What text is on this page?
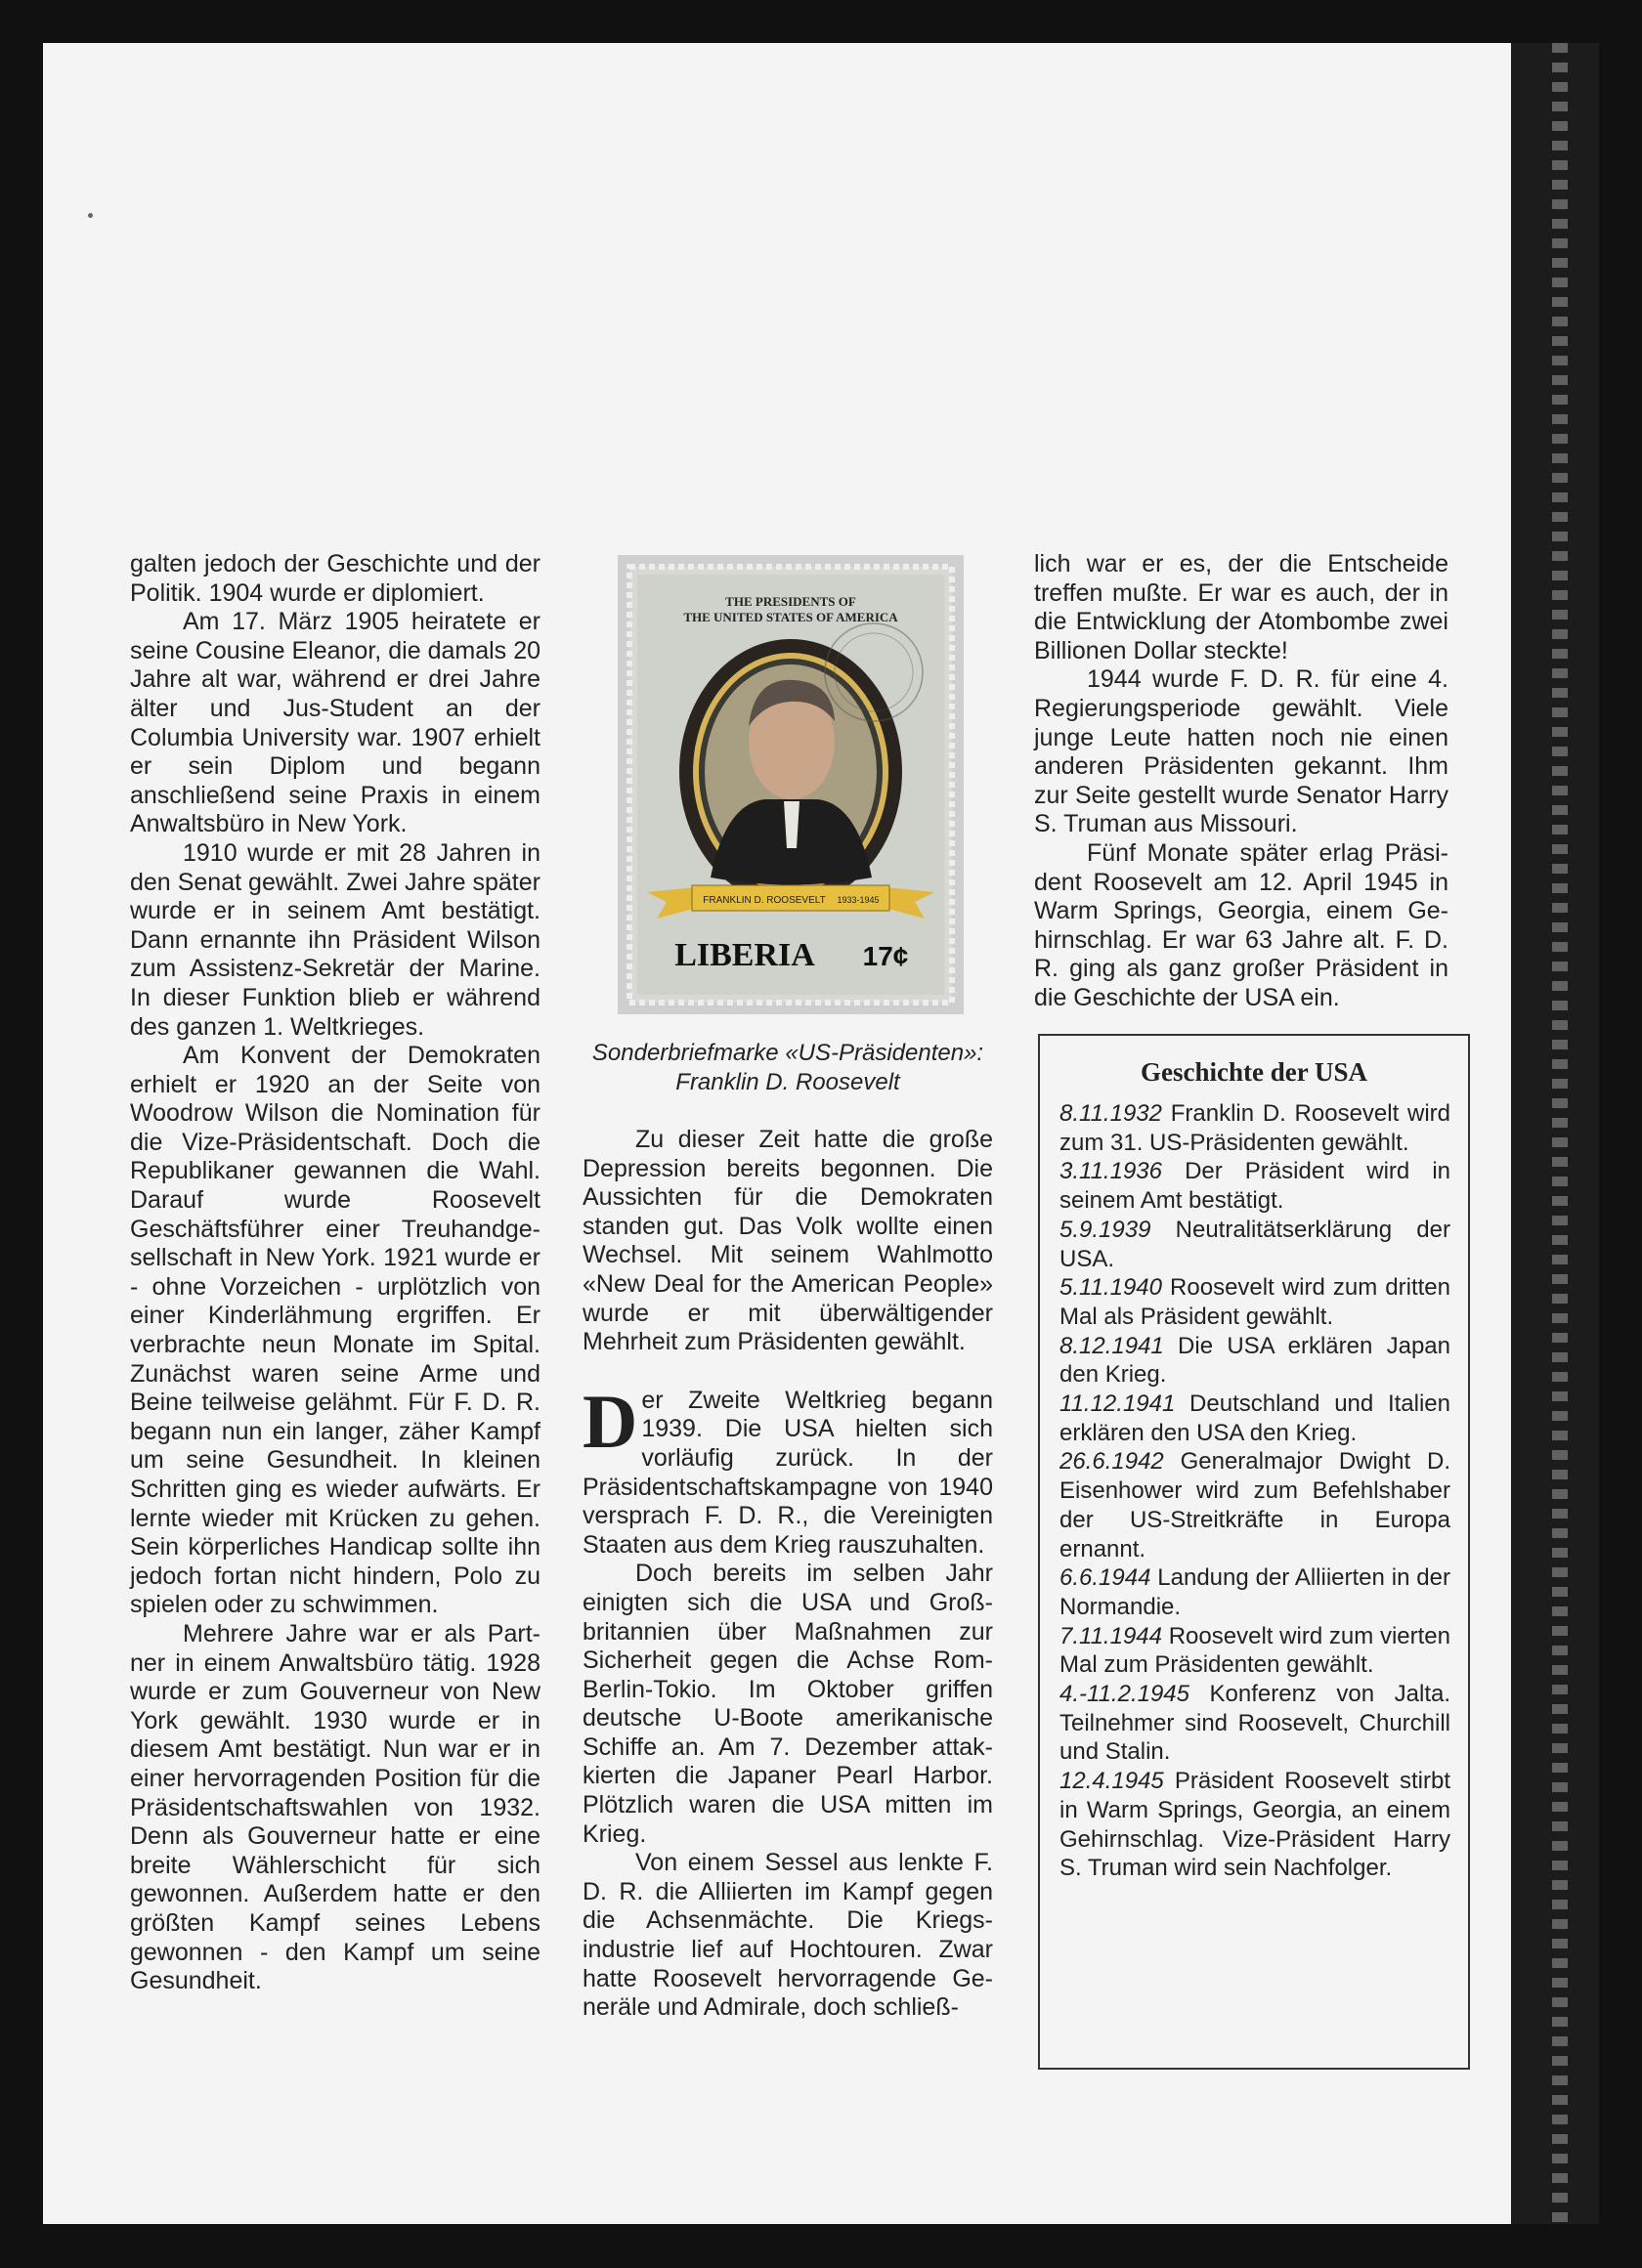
galten jedoch der Geschichte und der Politik. 1904 wurde er diplomiert.

Am 17. März 1905 heiratete er seine Cousine Eleanor, die damals 20 Jahre alt war, während er drei Jahre älter und Jus-Student an der Columbia University war. 1907 erhielt er sein Diplom und begann anschließend seine Praxis in einem Anwaltsbüro in New York.

1910 wurde er mit 28 Jahren in den Senat gewählt. Zwei Jahre später wurde er in seinem Amt bestätigt. Dann ernannte ihn Präsident Wilson zum Assistenz-Sekretär der Marine. In dieser Funktion blieb er während des ganzen 1. Weltkrieges.

Am Konvent der Demokraten erhielt er 1920 an der Seite von Woodrow Wilson die Nomination für die Vize-Präsidentschaft. Doch die Republikaner gewannen die Wahl. Darauf wurde Roosevelt Geschäftsführer einer Treuhandgesellschaft in New York. 1921 wurde er - ohne Vorzeichen - urplötzlich von einer Kinderlähmung ergriffen. Er verbrachte neun Monate im Spital. Zunächst waren seine Arme und Beine teilweise gelähmt. Für F. D. R. begann nun ein langer, zäher Kampf um seine Gesundheit. In kleinen Schritten ging es wieder aufwärts. Er lernte wieder mit Krücken zu gehen. Sein körperliches Handicap sollte ihn jedoch fortan nicht hindern, Polo zu spielen oder zu schwimmen.

Mehrere Jahre war er als Partner in einem Anwaltsbüro tätig. 1928 wurde er zum Gouverneur von New York gewählt. 1930 wurde er in diesem Amt bestätigt. Nun war er in einer hervorragenden Position für die Präsidentschaftswahlen von 1932. Denn als Gouverneur hatte er eine breite Wählerschicht für sich gewonnen. Außerdem hatte er den größten Kampf seines Lebens gewonnen - den Kampf um seine Gesundheit.

THE PRESIDENTS OF
THE UNITED STATES OF AMERICA
FRANKLIN D. ROOSEVELT 1933-1945
LIBERIA 17¢
Sonderbriefmarke «US-Präsidenten»:
Franklin D. Roosevelt

Zu dieser Zeit hatte die große Depression bereits begonnen. Die Aussichten für die Demokraten standen gut. Das Volk wollte einen Wechsel. Mit seinem Wahlmotto «New Deal for the American People» wurde er mit überwältigender Mehrheit zum Präsidenten gewählt.

Der Zweite Weltkrieg begann 1939. Die USA hielten sich vorläufig zurück. In der Präsidentschaftskampagne von 1940 versprach F. D. R., die Vereinigten Staaten aus dem Krieg rauszuhalten.

Doch bereits im selben Jahr einigten sich die USA und Großbritannien über Maßnahmen zur Sicherheit gegen die Achse Rom-Berlin-Tokio. Im Oktober griffen deutsche U-Boote amerikanische Schiffe an. Am 7. Dezember attakkierten die Japaner Pearl Harbor. Plötzlich waren die USA mitten im Krieg.

Von einem Sessel aus lenkte F. D. R. die Alliierten im Kampf gegen die Achsenmächte. Die Kriegsindustrie lief auf Hochtouren. Zwar hatte Roosevelt hervorragende Generäle und Admirale, doch schließ-

lich war er es, der die Entscheide treffen mußte. Er war es auch, der in die Entwicklung der Atombombe zwei Billionen Dollar steckte!

1944 wurde F. D. R. für eine 4. Regierungsperiode gewählt. Viele junge Leute hatten noch nie einen anderen Präsidenten gekannt. Ihm zur Seite gestellt wurde Senator Harry S. Truman aus Missouri.

Fünf Monate später erlag Präsident Roosevelt am 12. April 1945 in Warm Springs, Georgia, einem Gehirnschlag. Er war 63 Jahre alt. F. D. R. ging als ganz großer Präsident in die Geschichte der USA ein.

Geschichte der USA

8.11.1932 Franklin D. Roosevelt wird zum 31. US-Präsidenten gewählt.

3.11.1936 Der Präsident wird in seinem Amt bestätigt.

5.9.1939 Neutralitätserklärung der USA.

5.11.1940 Roosevelt wird zum dritten Mal als Präsident gewählt.

8.12.1941 Die USA erklären Japan den Krieg.

11.12.1941 Deutschland und Italien erklären den USA den Krieg.

26.6.1942 Generalmajor Dwight D. Eisenhower wird zum Befehlshaber der US-Streitkräfte in Europa ernannt.

6.6.1944 Landung der Alliierten in der Normandie.

7.11.1944 Roosevelt wird zum vierten Mal zum Präsidenten gewählt.

4.-11.2.1945 Konferenz von Jalta. Teilnehmer sind Roosevelt, Churchill und Stalin.

12.4.1945 Präsident Roosevelt stirbt in Warm Springs, Georgia, an einem Gehirnschlag. Vize-Präsident Harry S. Truman wird sein Nachfolger.
